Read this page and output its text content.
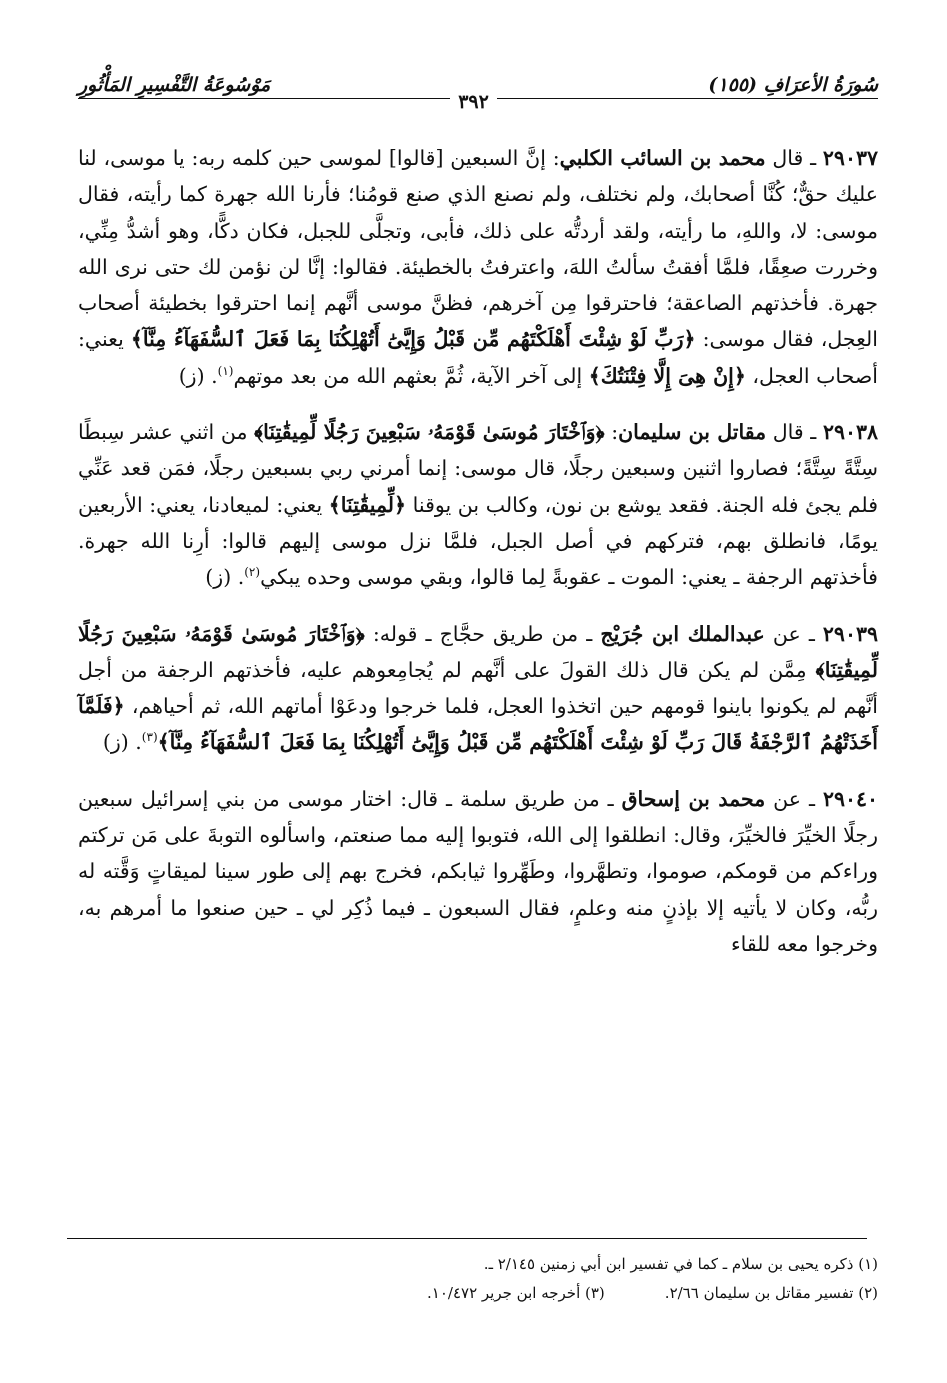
سُورَةُ الأعرَافِ (١٥٥)
مَوْسُوعَةُ التَّفْسِيرِ المَأْثُورِ
٣٩٢

٢٩٠٣٧ ـ قال محمد بن السائب الكلبي: إنَّ السبعين [قالوا] لموسى حين كلمه ربه: يا موسى، لنا عليك حقٌّ؛ كُنَّا أصحابك، ولم نختلف، ولم نصنع الذي صنع قومُنا؛ فأرنا الله جهرة كما رأيته، فقال موسى: لا، واللهِ، ما رأيته، ولقد أردتُّه على ذلك، فأبى، وتجلَّى للجبل، فكان دكًّا، وهو أشدُّ مِنِّي، وخررت صعِقًا، فلمَّا أفقتُ سألتُ اللهَ، واعترفتُ بالخطيئة. فقالوا: إنَّا لن نؤمن لك حتى نرى الله جهرة. فأخذتهم الصاعقة؛ فاحترقوا مِن آخرهم، فظنَّ موسى أنَّهم إنما احترقوا بخطيئة أصحاب العِجل، فقال موسى: ﴿رَبِّ لَوْ شِئْتَ أَهْلَكْتَهُم مِّن قَبْلُ وَإِيَّىَٰ أَتُهْلِكُنَا بِمَا فَعَلَ ٱلسُّفَهَآءُ مِنَّآ﴾ يعني: أصحاب العجل، ﴿إِنْ هِىَ إِلَّا فِتْنَتُكَ﴾ إلى آخر الآية، ثُمَّ بعثهم الله من بعد موتهم$^{(١)}$. (ز)

٢٩٠٣٨ ـ قال مقاتل بن سليمان: ﴿وَٱخْتَارَ مُوسَىٰ قَوْمَهُۥ سَبْعِينَ رَجُلًا لِّمِيقَٰتِنَا﴾ من اثني عشر سِبطًا سِتَّةً سِتَّةً؛ فصاروا اثنين وسبعين رجلًا، قال موسى: إنما أمرني ربي بسبعين رجلًا، فمَن قعد عَنِّي فلم يجئ فله الجنة. فقعد يوشع بن نون، وكالب بن يوقنا ﴿لِّمِيقَٰتِنَا﴾ يعني: لميعادنا، يعني: الأربعين يومًا، فانطلق بهم، فتركهم في أصل الجبل، فلمَّا نزل موسى إليهم قالوا: أرِنا الله جهرة. فأخذتهم الرجفة ـ يعني: الموت ـ عقوبةً لِما قالوا، وبقي موسى وحده يبكي$^{(٢)}$. (ز)

٢٩٠٣٩ ـ عن عبدالملك ابن جُرَيْج ـ من طريق حجَّاج ـ قوله: ﴿وَٱخْتَارَ مُوسَىٰ قَوْمَهُۥ سَبْعِينَ رَجُلًا لِّمِيقَٰتِنَا﴾ مِمَّن لم يكن قال ذلك القولَ على أنَّهم لم يُجامِعوهم عليه، فأخذتهم الرجفة من أجل أنَّهم لم يكونوا باينوا قومهم حين اتخذوا العجل، فلما خرجوا ودعَوْا أماتهم الله، ثم أحياهم، ﴿فَلَمَّآ أَخَذَتْهُمُ ٱلرَّجْفَةُ قَالَ رَبِّ لَوْ شِئْتَ أَهْلَكْتَهُم مِّن قَبْلُ وَإِيَّىَٰ أَتُهْلِكُنَا بِمَا فَعَلَ ٱلسُّفَهَآءُ مِنَّآ﴾$^{(٣)}$. (ز)

٢٩٠٤٠ ـ عن محمد بن إسحاق ـ من طريق سلمة ـ قال: اختار موسى من بني إسرائيل سبعين رجلًا الخيِّرَ فالخيِّرَ، وقال: انطلقوا إلى الله، فتوبوا إليه مما صنعتم، واسألوه التوبةَ على مَن تركتم وراءكم من قومكم، صوموا، وتطهَّروا، وطَهِّروا ثيابكم، فخرج بهم إلى طور سينا لميقاتٍ وَقَّته له ربُّه، وكان لا يأتيه إلا بإذنٍ منه وعلمٍ، فقال السبعون ـ فيما ذُكِر لي ـ حين صنعوا ما أمرهم به، وخرجوا معه للقاء

(١) ذكره يحيى بن سلام ـ كما في تفسير ابن أبي زمنين ٢/١٤٥ ـ.
(٢) تفسير مقاتل بن سليمان ٢/٦٦.
(٣) أخرجه ابن جرير ١٠/٤٧٢.
